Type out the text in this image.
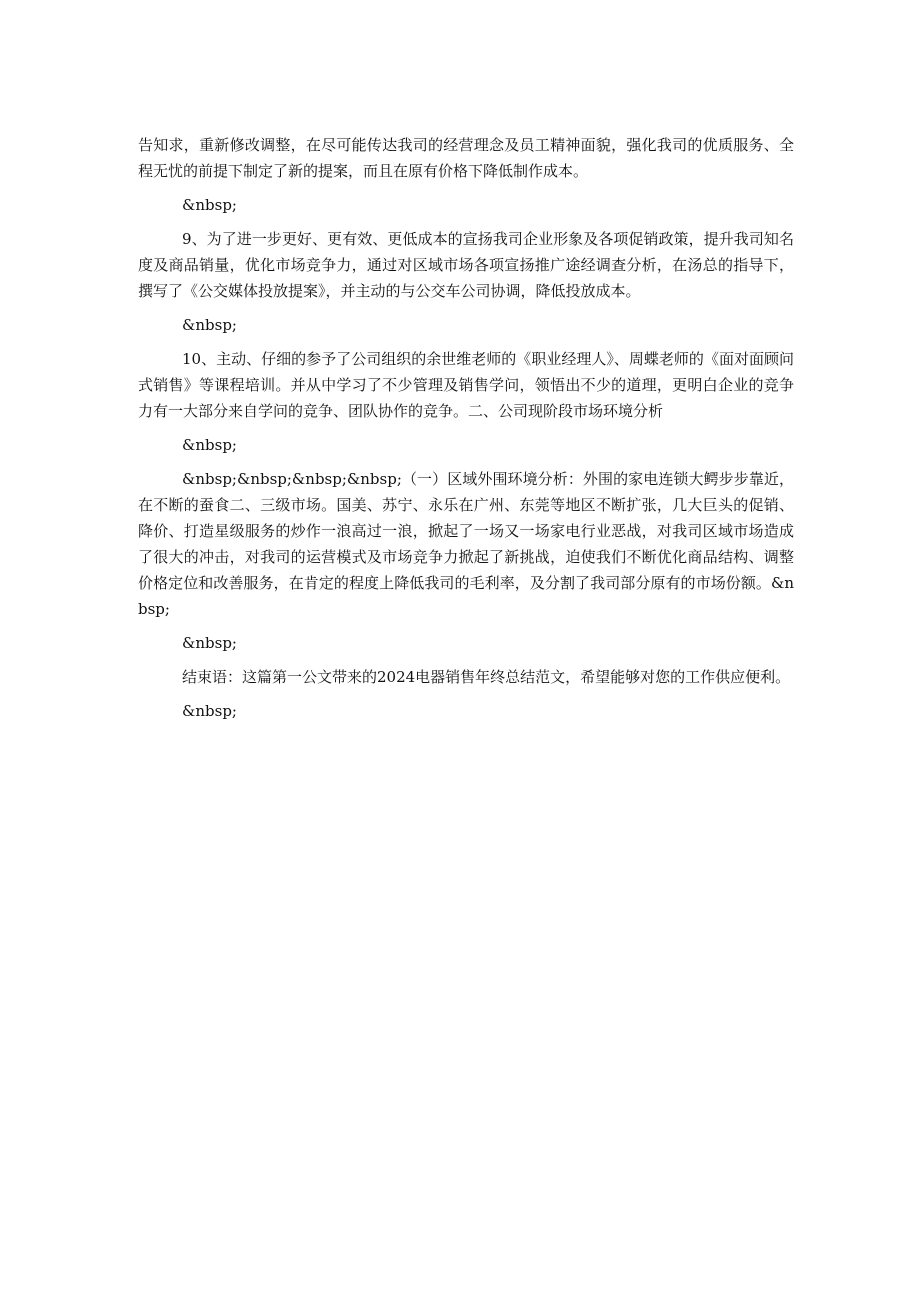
告知求，重新修改调整，在尽可能传达我司的经营理念及员工精神面貌，强化我司的优质服务、全程无忧的前提下制定了新的提案，而且在原有价格下降低制作成本。

&nbsp;

9、为了进一步更好、更有效、更低成本的宣扬我司企业形象及各项促销政策，提升我司知名度及商品销量，优化市场竞争力，通过对区域市场各项宣扬推广途经调查分析，在汤总的指导下，撰写了《公交媒体投放提案》，并主动的与公交车公司协调，降低投放成本。

&nbsp;

10、主动、仔细的参予了公司组织的余世维老师的《职业经理人》、周蝶老师的《面对面顾问式销售》等课程培训。并从中学习了不少管理及销售学问，领悟出不少的道理，更明白企业的竞争力有一大部分来自学问的竞争、团队协作的竞争。二、公司现阶段市场环境分析

&nbsp;

&nbsp;&nbsp;&nbsp;&nbsp;（一）区域外围环境分析：外围的家电连锁大鳄步步靠近，在不断的蚕食二、三级市场。国美、苏宁、永乐在广州、东莞等地区不断扩张，几大巨头的促销、降价、打造星级服务的炒作一浪高过一浪，掀起了一场又一场家电行业恶战，对我司区域市场造成了很大的冲击，对我司的运营模式及市场竞争力掀起了新挑战，迫使我们不断优化商品结构、调整价格定位和改善服务，在肯定的程度上降低我司的毛利率，及分割了我司部分原有的市场份额。&nbsp;

&nbsp;

结束语：这篇第一公文带来的2024电器销售年终总结范文，希望能够对您的工作供应便利。

&nbsp;
